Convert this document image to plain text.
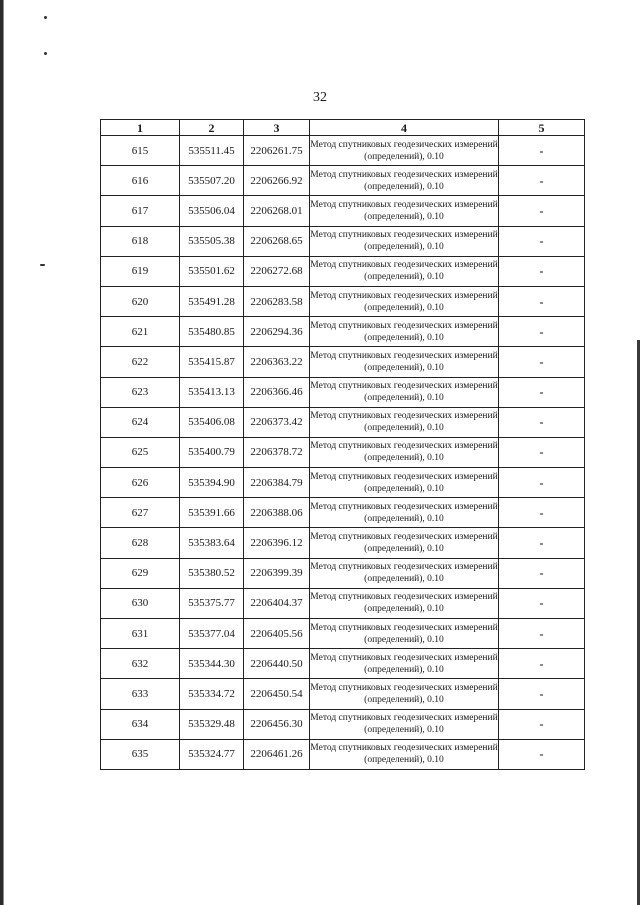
32
1	2	3	4	5
615	535511.45	2206261.75	Метод спутниковых геодезических измерений (определений), 0.10	-
616	535507.20	2206266.92	Метод спутниковых геодезических измерений (определений), 0.10	-
617	535506.04	2206268.01	Метод спутниковых геодезических измерений (определений), 0.10	-
618	535505.38	2206268.65	Метод спутниковых геодезических измерений (определений), 0.10	-
619	535501.62	2206272.68	Метод спутниковых геодезических измерений (определений), 0.10	-
620	535491.28	2206283.58	Метод спутниковых геодезических измерений (определений), 0.10	-
621	535480.85	2206294.36	Метод спутниковых геодезических измерений (определений), 0.10	-
622	535415.87	2206363.22	Метод спутниковых геодезических измерений (определений), 0.10	-
623	535413.13	2206366.46	Метод спутниковых геодезических измерений (определений), 0.10	-
624	535406.08	2206373.42	Метод спутниковых геодезических измерений (определений), 0.10	-
625	535400.79	2206378.72	Метод спутниковых геодезических измерений (определений), 0.10	-
626	535394.90	2206384.79	Метод спутниковых геодезических измерений (определений), 0.10	-
627	535391.66	2206388.06	Метод спутниковых геодезических измерений (определений), 0.10	-
628	535383.64	2206396.12	Метод спутниковых геодезических измерений (определений), 0.10	-
629	535380.52	2206399.39	Метод спутниковых геодезических измерений (определений), 0.10	-
630	535375.77	2206404.37	Метод спутниковых геодезических измерений (определений), 0.10	-
631	535377.04	2206405.56	Метод спутниковых геодезических измерений (определений), 0.10	-
632	535344.30	2206440.50	Метод спутниковых геодезических измерений (определений), 0.10	-
633	535334.72	2206450.54	Метод спутниковых геодезических измерений (определений), 0.10	-
634	535329.48	2206456.30	Метод спутниковых геодезических измерений (определений), 0.10	-
635	535324.77	2206461.26	Метод спутниковых геодезических измерений (определений), 0.10	-
